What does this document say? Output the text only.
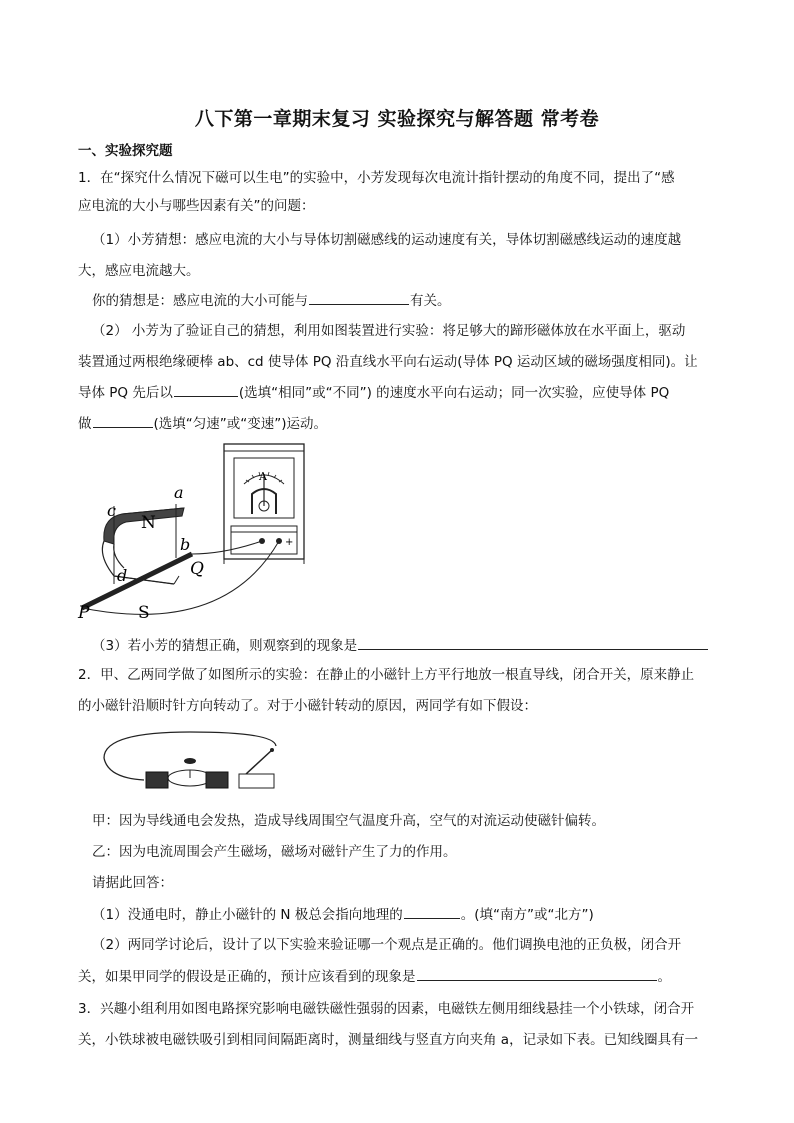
八下第一章期末复习 实验探究与解答题 常考卷
一、实验探究题
1．在“探究什么情况下磁可以生电”的实验中，小芳发现每次电流计指针摆动的角度不同，提出了“感
应电流的大小与哪些因素有关”的问题：
（1）小芳猜想：感应电流的大小与导体切割磁感线的运动速度有关，导体切割磁感线运动的速度越
大，感应电流越大。
你的猜想是：感应电流的大小可能与	有关。
（2） 小芳为了验证自己的猜想，利用如图装置进行实验：将足够大的蹄形磁体放在水平面上，驱动
装置通过两根绝缘硬棒 ab、cd 使导体 PQ 沿直线水平向右运动(导体 PQ 运动区域的磁场强度相同)。让
导体 PQ 先后以	(选填“相同”或“不同”) 的速度水平向右运动；同一次实验，应使导体 PQ
做	(选填“匀速”或“变速”)运动。
a
b
c
d
N
S
P
Q
A
+
（3）若小芳的猜想正确，则观察到的现象是
2．甲、乙两同学做了如图所示的实验：在静止的小磁针上方平行地放一根直导线，闭合开关，原来静止
的小磁针沿顺时针方向转动了。对于小磁针转动的原因，两同学有如下假设：
甲：因为导线通电会发热，造成导线周围空气温度升高，空气的对流运动使磁针偏转。
乙：因为电流周围会产生磁场，磁场对磁针产生了力的作用。
请据此回答：
（1）没通电时，静止小磁针的 N 极总会指向地理的	。(填“南方”或“北方”)
（2）两同学讨论后，设计了以下实验来验证哪一个观点是正确的。他们调换电池的正负极，闭合开
关，如果甲同学的假设是正确的，预计应该看到的现象是	。
3．兴趣小组利用如图电路探究影响电磁铁磁性强弱的因素，电磁铁左侧用细线悬挂一个小铁球，闭合开
关，小铁球被电磁铁吸引到相同间隔距离时，测量细线与竖直方向夹角 a，记录如下表。已知线圈具有一
